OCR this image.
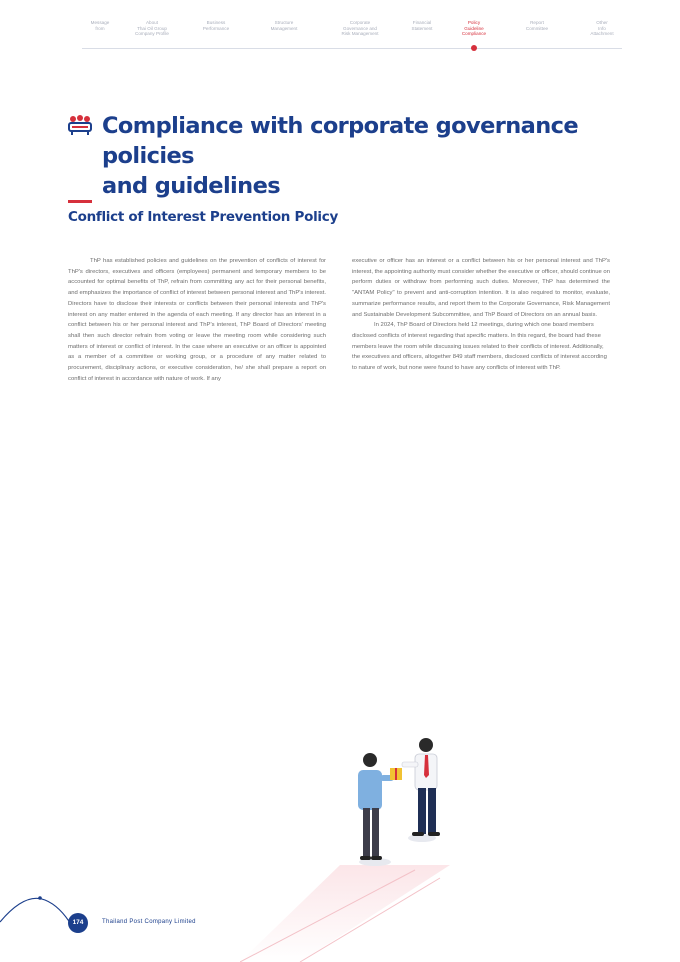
Message
from
About
Thai Oil Group
Company Profile
Business
Performance
Structure
Management
Corporate
Governance and
Risk Management
Financial
Statement
Policy
Guideline
Compliance
Report
Committee
Other
Info
Attachment
Compliance with corporate governance policies
and guidelines
Conflict of Interest Prevention Policy

ThP has established policies and guidelines on the prevention of conflicts of interest for ThP's directors, executives and officers (employees) permanent and temporary members to be accounted for optimal benefits of ThP, refrain from committing any act for their personal benefits, and emphasizes the importance of conflict of interest between personal interest and ThP's interest. Directors have to disclose their interests or conflicts between their personal interests and ThP's interest on any matter entered in the agenda of each meeting. If any director has an interest in a conflict between his or her personal interest and ThP's interest, ThP Board of Directors' meeting shall then such director refrain from voting or leave the meeting room while considering such matters of interest or conflict of interest. In the case where an executive or an officer is appointed as a member of a committee or working group, or a procedure of any matter related to procurement, disciplinary actions, or executive consideration, he/ she shall prepare a report on conflict of interest in accordance with nature of work. If any

executive or officer has an interest or a conflict between his or her personal interest and ThP's interest, the appointing authority must consider whether the executive or officer, should continue on perform duties or withdraw from performing such duties. Moreover, ThP has determined the "ANTAM Policy" to prevent and anti-corruption intention. It is also required to monitor, evaluate, summarize performance results, and report them to the Corporate Governance, Risk Management and Sustainable Development Subcommittee, and ThP Board of Directors on an annual basis.

In 2024, ThP Board of Directors held 12 meetings, during which one board members disclosed conflicts of interest regarding that specific matters. In this regard, the board had these members leave the room while discussing issues related to their conflicts of interest. Additionally, the executives and officers, altogether 849 staff members, disclosed conflicts of interest according to nature of work, but none were found to have any conflicts of interest with ThP.

174	Thailand Post Company Limited
